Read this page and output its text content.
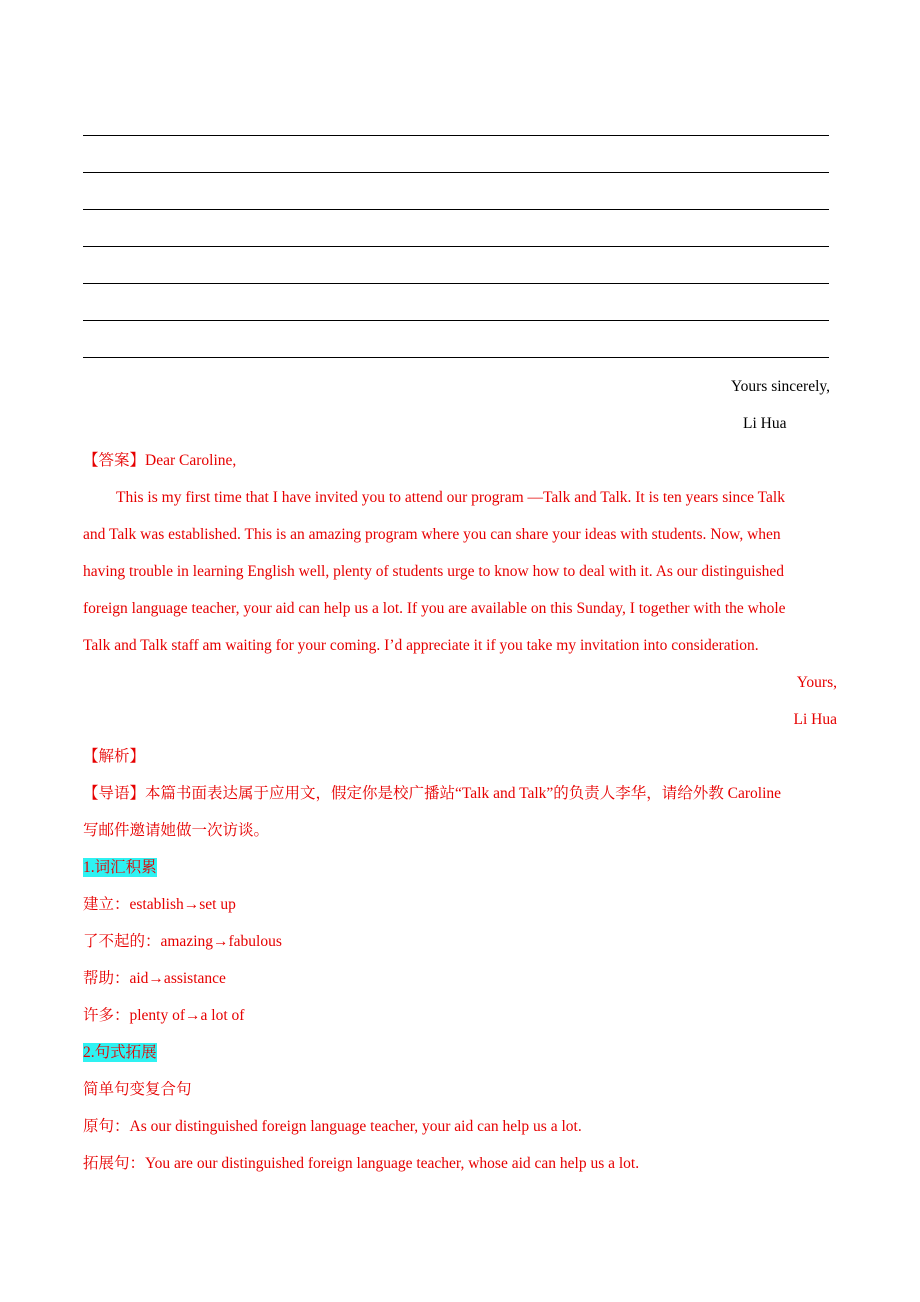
Yours sincerely,
Li Hua
【答案】Dear Caroline,
This is my first time that I have invited you to attend our program —Talk and Talk. It is ten years since Talk
and Talk was established. This is an amazing program where you can share your ideas with students. Now, when
having trouble in learning English well, plenty of students urge to know how to deal with it. As our distinguished
foreign language teacher, your aid can help us a lot. If you are available on this Sunday, I together with the whole
Talk and Talk staff am waiting for your coming. I’d appreciate it if you take my invitation into consideration.
Yours,
Li Hua
【解析】
【导语】本篇书面表达属于应用文，假定你是校广播站“Talk and Talk”的负责人李华，请给外教 Caroline
写邮件邀请她做一次访谈。
1.词汇积累
建立：establish→set up
了不起的：amazing→fabulous
帮助：aid→assistance
许多：plenty of→a lot of
2.句式拓展
简单句变复合句
原句：As our distinguished foreign language teacher, your aid can help us a lot.
拓展句：You are our distinguished foreign language teacher, whose aid can help us a lot.
